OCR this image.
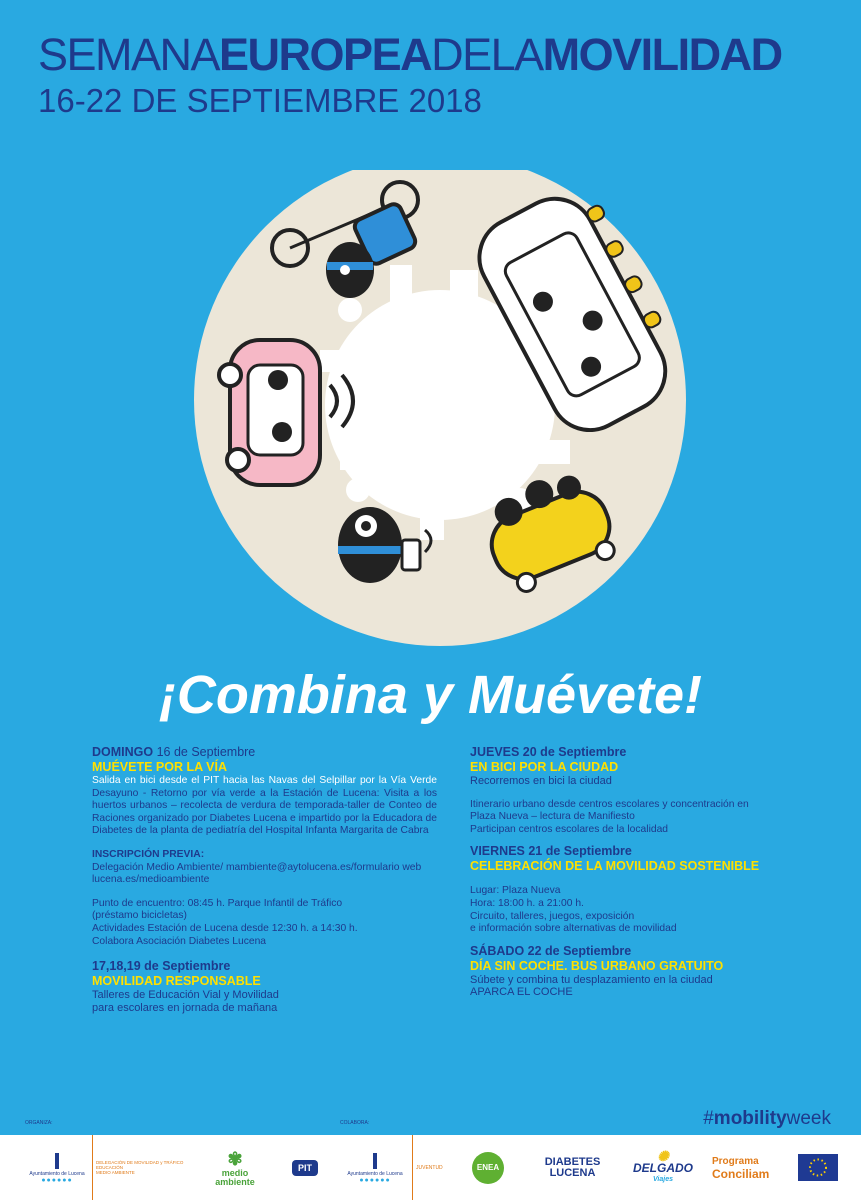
SEMANAEUROPEADELAMOVILIDAD
16-22 DE SEPTIEMBRE 2018
¡Combina y Muévete!

DOMINGO 16 de Septiembre

MUÉVETE POR LA VÍA

Salida en bici desde el PIT hacia las Navas del Selpillar por la Vía Verde Desayuno - Retorno por vía verde a la Estación de Lucena: Visita a los huertos urbanos – recolecta de verdura de temporada-taller de Conteo de Raciones organizado por Diabetes Lucena e impartido por la Educadora de Diabetes de la planta de pediatría del Hospital Infanta Margarita de Cabra

INSCRIPCIÓN PREVIA:

Delegación Medio Ambiente/ mambiente@aytolucena.es/formulario web lucena.es/medioambiente

Punto de encuentro: 08:45 h. Parque Infantil de Tráfico

(préstamo bicicletas)

Actividades Estación de Lucena desde 12:30 h. a 14:30 h.

Colabora Asociación Diabetes Lucena

17,18,19 de Septiembre

MOVILIDAD RESPONSABLE

Talleres de Educación Vial y Movilidad

para escolares en jornada de mañana

JUEVES 20 de Septiembre

EN BICI POR LA CIUDAD

Recorremos en bici la ciudad

Itinerario urbano desde centros escolares y concentración en

Plaza Nueva – lectura de Manifiesto

Participan centros escolares de la localidad

VIERNES 21 de Septiembre

CELEBRACIÓN DE LA MOVILIDAD SOSTENIBLE

Lugar: Plaza Nueva

Hora: 18:00 h. a 21:00 h.

Circuito, talleres, juegos, exposición

e información sobre alternativas de movilidad

SÁBADO 22 de Septiembre

DÍA SIN COCHE. BUS URBANO GRATUITO

Súbete y combina tu desplazamiento en la ciudad

APARCA EL COCHE

#mobilityweek
ORGANIZA:	COLABORA:
Ayuntamiento de Lucena
●●●●●●
DELEGACIÓN DE MOVILIDAD y TRÁFICO
EDUCACIÓN
MEDIO AMBIENTE
✾
medio
ambiente
PIT
Ayuntamiento de Lucena
●●●●●●
JUVENTUD	ENEA	DIABETES
LUCENA
✺
DELGADO
Viajes
Programa
Conciliam
